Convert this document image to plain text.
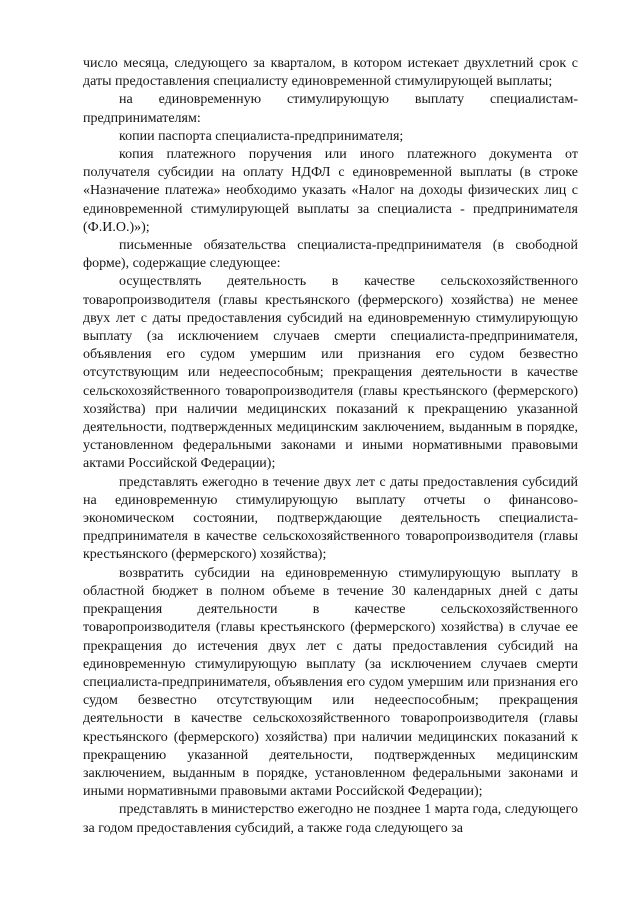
число месяца, следующего за кварталом, в котором истекает двухлетний срок с даты предоставления специалисту единовременной стимулирующей выплаты;

на единовременную стимулирующую выплату специалистам-предпринимателям:

копии паспорта специалиста-предпринимателя;

копия платежного поручения или иного платежного документа от получателя субсидии на оплату НДФЛ с единовременной выплаты (в строке «Назначение платежа» необходимо указать «Налог на доходы физических лиц с единовременной стимулирующей выплаты за специалиста - предпринимателя (Ф.И.О.)»);

письменные обязательства специалиста-предпринимателя (в свободной форме), содержащие следующее:

осуществлять деятельность в качестве сельскохозяйственного товаропроизводителя (главы крестьянского (фермерского) хозяйства) не менее двух лет с даты предоставления субсидий на единовременную стимулирующую выплату (за исключением случаев смерти специалиста-предпринимателя, объявления его судом умершим или признания его судом безвестно отсутствующим или недееспособным; прекращения деятельности в качестве сельскохозяйственного товаропроизводителя (главы крестьянского (фермерского) хозяйства) при наличии медицинских показаний к прекращению указанной деятельности, подтвержденных медицинским заключением, выданным в порядке, установленном федеральными законами и иными нормативными правовыми актами Российской Федерации);

представлять ежегодно в течение двух лет с даты предоставления субсидий на единовременную стимулирующую выплату отчеты о финансово-экономическом состоянии, подтверждающие деятельность специалиста-предпринимателя в качестве сельскохозяйственного товаропроизводителя (главы крестьянского (фермерского) хозяйства);

возвратить субсидии на единовременную стимулирующую выплату в областной бюджет в полном объеме в течение 30 календарных дней с даты прекращения деятельности в качестве сельскохозяйственного товаропроизводителя (главы крестьянского (фермерского) хозяйства) в случае ее прекращения до истечения двух лет с даты предоставления субсидий на единовременную стимулирующую выплату (за исключением случаев смерти специалиста-предпринимателя, объявления его судом умершим или признания его судом безвестно отсутствующим или недееспособным; прекращения деятельности в качестве сельскохозяйственного товаропроизводителя (главы крестьянского (фермерского) хозяйства) при наличии медицинских показаний к прекращению указанной деятельности, подтвержденных медицинским заключением, выданным в порядке, установленном федеральными законами и иными нормативными правовыми актами Российской Федерации);

представлять в министерство ежегодно не позднее 1 марта года, следующего за годом предоставления субсидий, а также года следующего за
